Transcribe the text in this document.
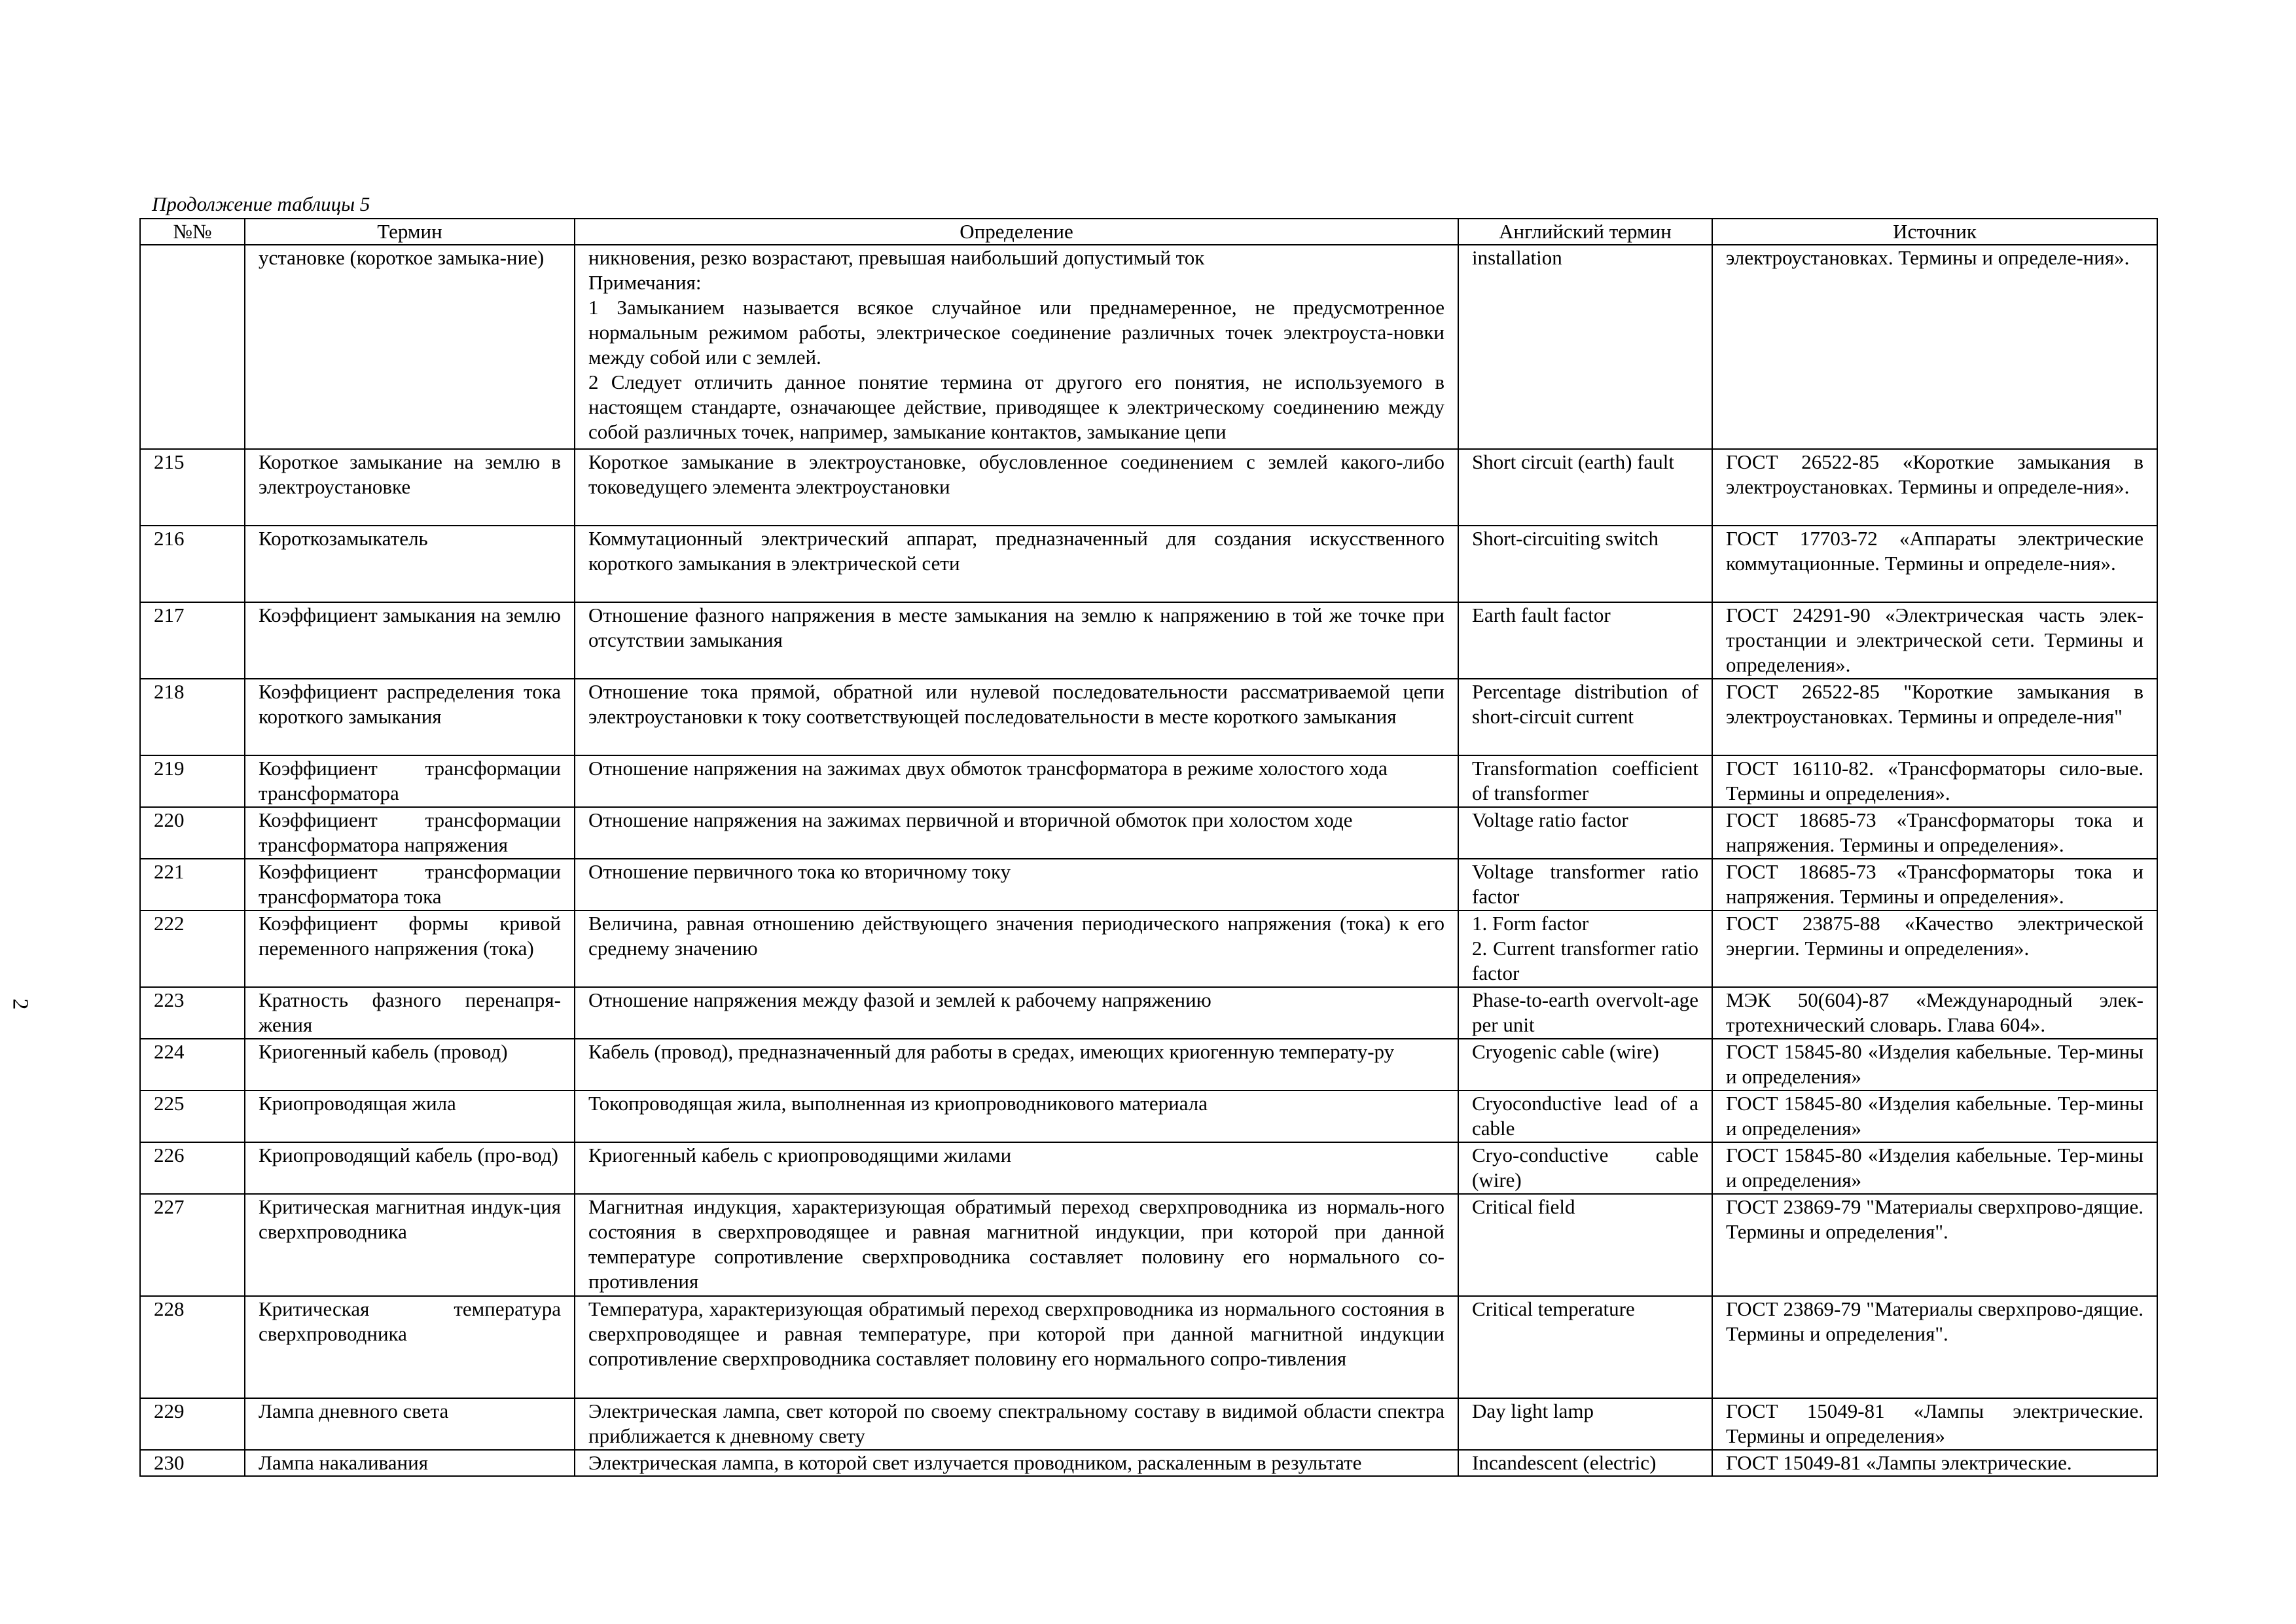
Продолжение таблицы 5
2
№№	Термин	Определение	Английский термин	Источник
	установке (короткое замыка-ние)	никновения, резко возрастают, превышая наибольший допустимый ток
Примечания:
1 Замыканием называется всякое случайное или преднамеренное, не предусмотренное нормальным режимом работы, электрическое соединение различных точек электроуста-новки между собой или с землей.
2 Следует отличить данное понятие термина от другого его понятия, не используемого в настоящем стандарте, означающее действие, приводящее к электрическому соединению между собой различных точек, например, замыкание контактов, замыкание цепи	installation	электроустановках. Термины и определе-ния».
215	Короткое замыкание на землю в электроустановке	Короткое замыкание в электроустановке, обусловленное соединением с землей какого-либо токоведущего элемента электроустановки	Short circuit (earth) fault	ГОСТ 26522-85 «Короткие замыкания в электроустановках. Термины и определе-ния».
216	Короткозамыкатель	Коммутационный электрический аппарат, предназначенный для создания искусственного короткого замыкания в электрической сети	Short-circuiting switch	ГОСТ 17703-72 «Аппараты электрические коммутационные. Термины и определе-ния».
217	Коэффициент замыкания на землю	Отношение фазного напряжения в месте замыкания на землю к напряжению в той же точке при отсутствии замыкания	Earth fault factor	ГОСТ 24291-90 «Электрическая часть элек-тростанции и электрической сети. Термины и определения».
218	Коэффициент распределения тока короткого замыкания	Отношение тока прямой, обратной или нулевой последовательности рассматриваемой цепи электроустановки к току соответствующей последовательности в месте короткого замыкания	Percentage distribution of short-circuit current	ГОСТ 26522-85 "Короткие замыкания в электроустановках. Термины и определе-ния"
219	Коэффициент трансформации трансформатора	Отношение напряжения на зажимах двух обмоток трансформатора в режиме холостого хода	Transformation coefficient of transformer	ГОСТ 16110-82. «Трансформаторы сило-вые. Термины и определения».
220	Коэффициент трансформации трансформатора напряжения	Отношение напряжения на зажимах первичной и вторичной обмоток при холостом ходе	Voltage ratio factor	ГОСТ 18685-73 «Трансформаторы тока и напряжения. Термины и определения».
221	Коэффициент трансформации трансформатора тока	Отношение первичного тока ко вторичному току	Voltage transformer ratio factor	ГОСТ 18685-73 «Трансформаторы тока и напряжения. Термины и определения».
222	Коэффициент формы кривой переменного напряжения (тока)	Величина, равная отношению действующего значения периодического напряжения (тока) к его среднему значению	1. Form factor
2. Current transformer ratio factor	ГОСТ 23875-88 «Качество электрической энергии. Термины и определения».
223	Кратность фазного перенапря-жения	Отношение напряжения между фазой и землей к рабочему напряжению	Phase-to-earth overvolt-age per unit	МЭК 50(604)-87 «Международный элек-тротехнический словарь. Глава 604».
224	Криогенный кабель (провод)	Кабель (провод), предназначенный для работы в средах, имеющих криогенную температу-ру	Cryogenic cable (wire)	ГОСТ 15845-80 «Изделия кабельные. Тер-мины и определения»
225	Криопроводящая жила	Токопроводящая жила, выполненная из криопроводникового материала	Cryoconductive lead of a cable	ГОСТ 15845-80 «Изделия кабельные. Тер-мины и определения»
226	Криопроводящий кабель (про-вод)	Криогенный кабель с криопроводящими жилами	Cryo-conductive cable (wire)	ГОСТ 15845-80 «Изделия кабельные. Тер-мины и определения»
227	Критическая магнитная индук-ция сверхпроводника	Магнитная индукция, характеризующая обратимый переход сверхпроводника из нормаль-ного состояния в сверхпроводящее и равная магнитной индукции, при которой при данной температуре сопротивление сверхпроводника составляет половину его нормального со-противления	Critical field	ГОСТ 23869-79 "Материалы сверхпрово-дящие. Термины и определения".
228	Критическая температура сверхпроводника	Температура, характеризующая обратимый переход сверхпроводника из нормального состояния в сверхпроводящее и равная температуре, при которой при данной магнитной индукции сопротивление сверхпроводника составляет половину его нормального сопро-тивления	Critical temperature	ГОСТ 23869-79 "Материалы сверхпрово-дящие. Термины и определения".
229	Лампа дневного света	Электрическая лампа, свет которой по своему спектральному составу в видимой области спектра приближается к дневному свету	Day light lamp	ГОСТ 15049-81 «Лампы электрические. Термины и определения»
230	Лампа накаливания	Электрическая лампа, в которой свет излучается проводником, раскаленным в результате	Incandescent (electric)	ГОСТ 15049-81 «Лампы электрические.
